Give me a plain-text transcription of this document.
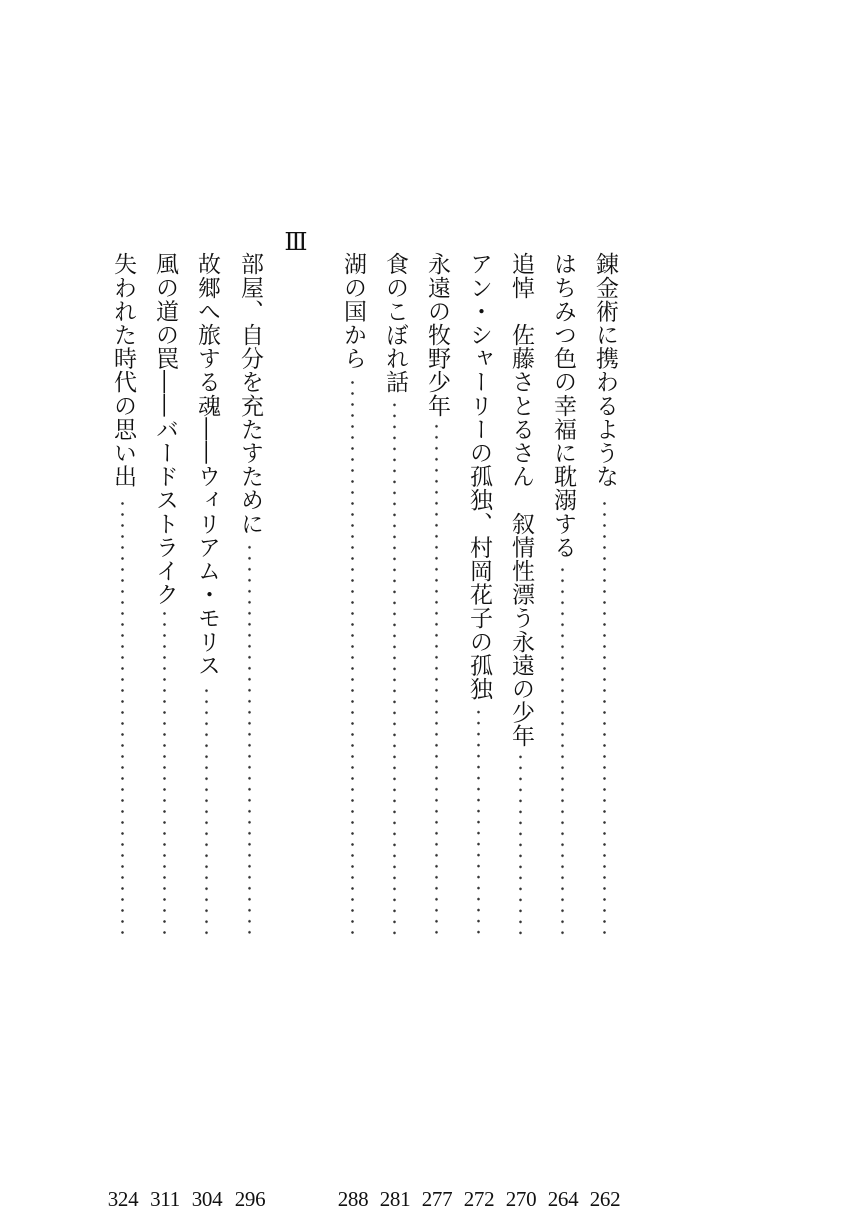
Ⅲ
錬金術に携わるような
262
はちみつ色の幸福に耽溺する
264
追悼　佐藤さとるさん　叙情性漂う永遠の少年
270
アン・シャーリーの孤独、村岡花子の孤独
272
永遠の牧野少年
277
食のこぼれ話
281
湖の国から
288
部屋、自分を充たすために
296
故郷へ旅する魂――ウィリアム・モリス
304
風の道の罠――バードストライク
311
失われた時代の思い出
324
